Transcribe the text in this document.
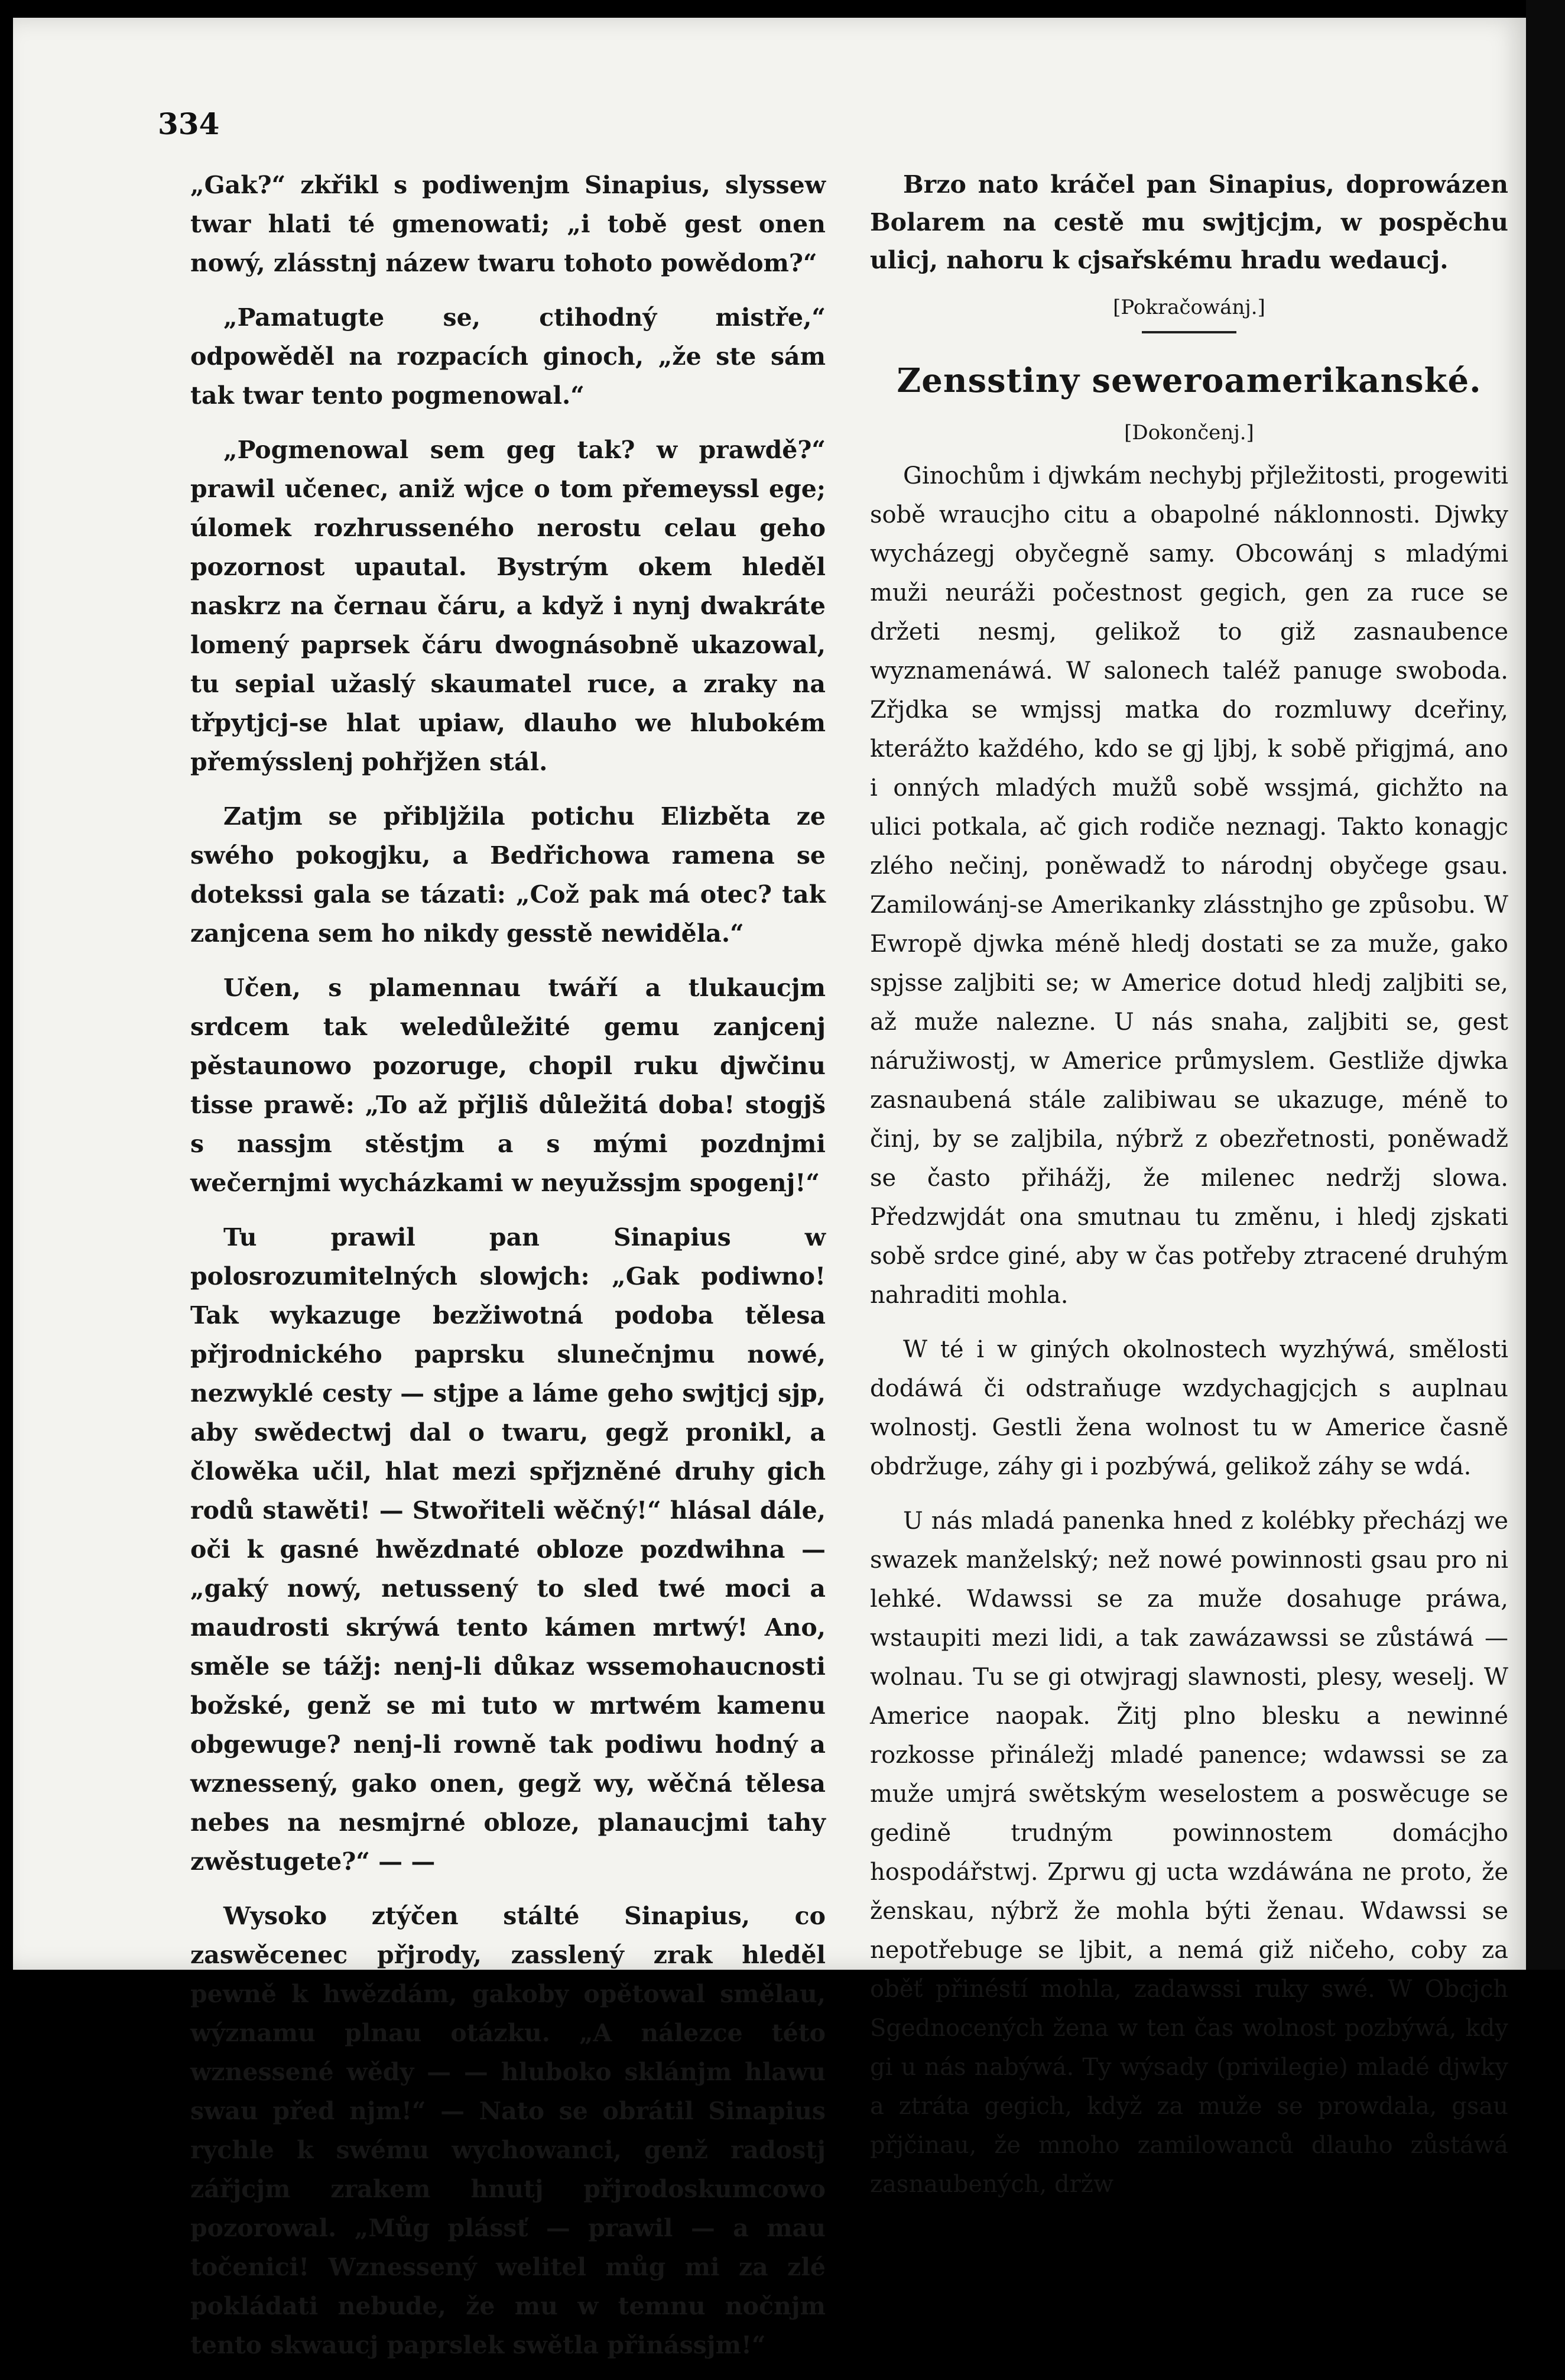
334

„Gak?“ zkřikl s podiwenjm Sinapius, slyssew twar hlati té gmenowati; „i tobě gest onen nowý, zlásstnj názew twaru tohoto powědom?“

„Pamatugte se, ctihodný mistře,“ odpowěděl na rozpacích ginoch, „že ste sám tak twar tento pogmenowal.“

„Pogmenowal sem geg tak? w prawdě?“ prawil učenec, aniž wjce o tom přemeyssl ege; úlomek rozhrusseného nerostu celau geho pozornost upautal. Bystrým okem hleděl naskrz na černau čáru, a když i nynj dwakráte lomený paprsek čáru dwognásobně ukazowal, tu sepial užaslý skaumatel ruce, a zraky na třpytjcj-se hlat upiaw, dlauho we hlubokém přemýsslenj pohřjžen stál.

Zatjm se přibljžila potichu Elizběta ze swého pokogjku, a Bedřichowa ramena se dotekssi gala se tázati: „Což pak má otec? tak zanjcena sem ho nikdy gesstě newiděla.“

Učen, s plamennau twáří a tlukaucjm srdcem tak weledůležité gemu zanjcenj pěstaunowo pozoruge, chopil ruku djwčinu tisse prawě: „To až přjliš důležitá doba! stogjš s nassjm stěstjm a s mými pozdnjmi wečernjmi wycházkami w neyužssjm spogenj!“

Tu prawil pan Sinapius w polosrozumitelných slowjch: „Gak podiwno! Tak wykazuge bezžiwotná podoba tělesa přjrodnického paprsku slunečnjmu nowé, nezwyklé cesty — stjpe a láme geho swjtjcj sjp, aby swědectwj dal o twaru, gegž pronikl, a člowěka učil, hlat mezi spřjzněné druhy gich rodů stawěti! — Stwořiteli wěčný!“ hlásal dále, oči k gasné hwězdnaté obloze pozdwihna — „gaký nowý, netussený to sled twé moci a maudrosti skrýwá tento kámen mrtwý! Ano, směle se tážj: nenj-li důkaz wssemohaucnosti božské, genž se mi tuto w mrtwém kamenu obgewuge? nenj-li rowně tak podiwu hodný a wznessený, gako onen, gegž wy, wěčná tělesa nebes na nesmjrné obloze, planaucjmi tahy zwěstugete?“ — —

Wysoko ztýčen stálté Sinapius, co zaswěcenec přjrody, zasslený zrak hleděl pewně k hwězdám, gakoby opětowal smělau, wýznamu plnau otázku. „A nálezce této wznessené wědy — — hluboko sklánjm hlawu swau před njm!“ — Nato se obrátil Sinapius rychle k swému wychowanci, genž radostj zářjcjm zrakem hnutj přjrodoskumcowo pozorowal. „Můg plássť — prawil — a mau točenici! Wznessený welitel můg mi za zlé pokládati nebude, že mu w temnu nočnjm tento skwaucj paprslek swětla přinássjm!“

Brzo nato kráčel pan Sinapius, doprowázen Bolarem na cestě mu swjtjcjm, w pospěchu ulicj, nahoru k cjsařskému hradu wedaucj.

[Pokračowánj.]
Zensstiny seweroamerikanské.
[Dokončenj.]

Ginochům i djwkám nechybj přjležitosti, progewiti sobě wraucjho citu a obapolné náklonnosti. Djwky wycházegj obyčegně samy. Obcowánj s mladými muži neuráži počestnost gegich, gen za ruce se držeti nesmj, gelikož to giž zasnaubence wyznamenáwá. W salonech taléž panuge swoboda. Zřjdka se wmjssj matka do rozmluwy dceřiny, kterážto každého, kdo se gj ljbj, k sobě přigjmá, ano i onných mladých mužů sobě wssjmá, gichžto na ulici potkala, ač gich rodiče neznagj. Takto konagjc zlého nečinj, poněwadž to národnj obyčege gsau. Zamilowánj-se Amerikanky zlásstnjho ge způsobu. W Ewropě djwka méně hledj dostati se za muže, gako spjsse zaljbiti se; w Americe dotud hledj zaljbiti se, až muže nalezne. U nás snaha, zaljbiti se, gest náružiwostj, w Americe průmyslem. Gestliže djwka zasnaubená stále zalibiwau se ukazuge, méně to činj, by se zaljbila, nýbrž z obezřetnosti, poněwadž se často přihážj, že milenec nedržj slowa. Předzwjdát ona smutnau tu změnu, i hledj zjskati sobě srdce giné, aby w čas potřeby ztracené druhým nahraditi mohla.

W té i w giných okolnostech wyzhýwá, smělosti dodáwá či odstraňuge wzdychagjcjch s auplnau wolnostj. Gestli žena wolnost tu w Americe časně obdržuge, záhy gi i pozbýwá, gelikož záhy se wdá.

U nás mladá panenka hned z kolébky přecházj we swazek manželský; než nowé powinnosti gsau pro ni lehké. Wdawssi se za muže dosahuge práwa, wstaupiti mezi lidi, a tak zawázawssi se zůstáwá — wolnau. Tu se gi otwjragj slawnosti, plesy, weselj. W Americe naopak. Žitj plno blesku a newinné rozkosse přináležj mladé panence; wdawssi se za muže umjrá swětským weselostem a poswěcuge se gedině trudným powinnostem domácjho hospodářstwj. Zprwu gj ucta wzdáwána ne proto, že ženskau, nýbrž že mohla býti ženau. Wdawssi se nepotřebuge se ljbit, a nemá giž ničeho, coby za oběť přinéstí mohla, zadawssi ruky swé. W Obcjch Sgednocených žena w ten čas wolnost pozbýwá, kdy gi u nás nabýwá. Ty wýsady (privilegie) mladé djwky a ztráta gegich, když za muže se prowdala, gsau přjčinau, že mnoho zamilowanců dlauho zůstáwá zasnaubených, držw
